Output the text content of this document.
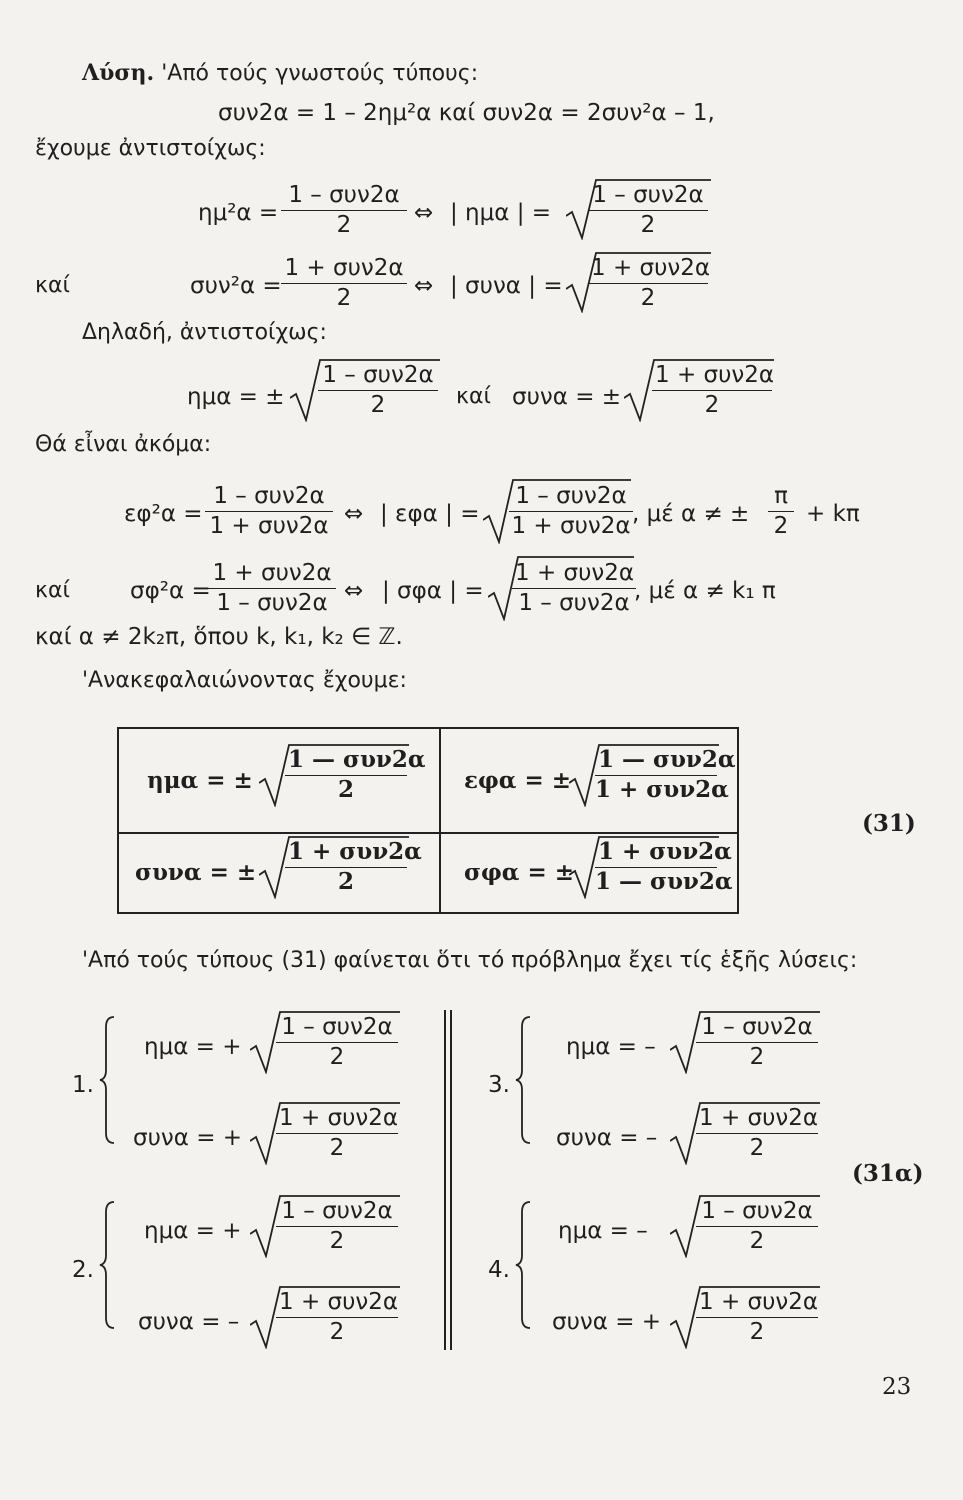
Λύση. 'Από τούς γνωστούς τύπους:
συν2α = 1 – 2ημ²α καί συν2α = 2συν²α – 1,
ἔχουμε ἀντιστοίχως:
ημ²α =
1 – συν2α
2	⇔ | ημα | =
1 – συν2α
2
καί	συν²α =
1 + συν2α
2	⇔ | συνα | =
1 + συν2α
2
Δηλαδή, ἀντιστοίχως:
ημα = ±
1 – συν2α
2	καί συνα = ±
1 + συν2α
2
Θά εἶναι ἀκόμα:
εφ²α =
1 – συν2α
1 + συν2α ⇔ | εφα | =
1 – συν2α
1 + συν2α , μέ α ≠ ± $\frac{\pi}{2} + k\pi$
καί	σφ²α =
1 + συν2α
1 – συν2α ⇔ | σφα | =
1 + συν2α
1 – συν2α , μέ α ≠ k₁ π
καί α ≠ 2k₂π, ὅπου k, k₁, k₂ ∈ ℤ.
'Ανακεφαλαιώνοντας ἔχουμε:
ημα = ±
1 — συν2α
2	εφα = ±
1 — συν2α
1 + συν2α
συνα = ±
1 + συν2α
2	σφα = ±
1 + συν2α
1 — συν2α
(31)
'Από τούς τύπους (31) φαίνεται ὅτι τό πρόβλημα ἔχει τίς ἑξῆς λύσεις:
1.
ημα = +
1 – συν2α
2
συνα = +
1 + συν2α
2
2.
ημα = +
1 – συν2α
2
συνα = –
1 + συν2α
2
3.
ημα = –
1 – συν2α
2
συνα = –
1 + συν2α
2
4.
ημα = –
1 – συν2α
2
συνα = +
1 + συν2α
2
(31α)
23
